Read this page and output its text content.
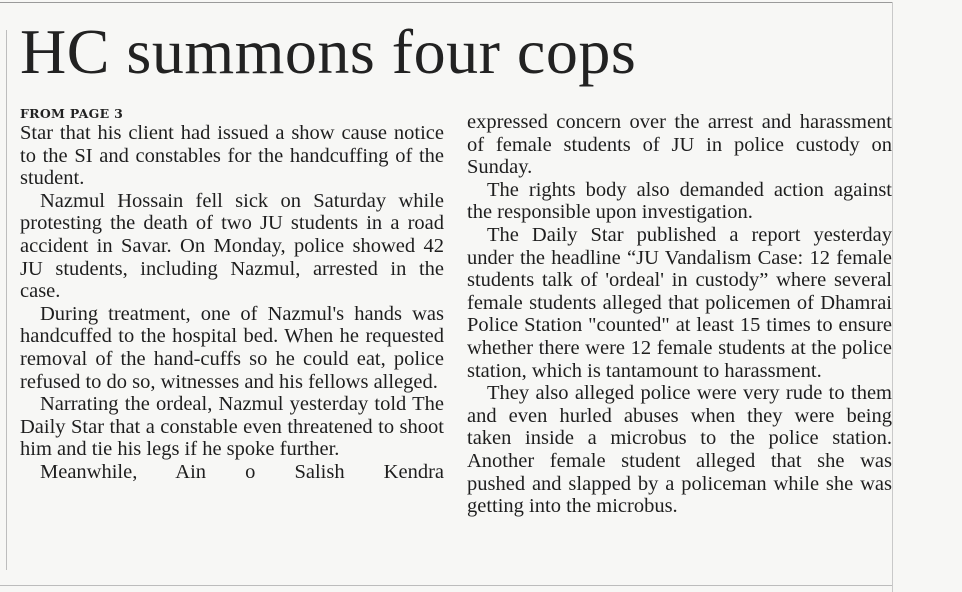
HC summons four cops
FROM PAGE 3

Star that his client had issued a show cause notice to the SI and constables for the handcuffing of the student.

Nazmul Hossain fell sick on Saturday while protesting the death of two JU students in a road accident in Savar. On Monday, police showed 42 JU students, including Nazmul, arrested in the case.

During treatment, one of Nazmul's hands was handcuffed to the hospital bed. When he requested removal of the hand-cuffs so he could eat, police refused to do so, witnesses and his fellows alleged.

Narrating the ordeal, Nazmul yesterday told The Daily Star that a constable even threatened to shoot him and tie his legs if he spoke further.

Meanwhile, Ain o Salish Kendra

expressed concern over the arrest and harassment of female students of JU in police custody on Sunday.

The rights body also demanded action against the responsible upon investigation.

The Daily Star published a report yesterday under the headline “JU Vandalism Case: 12 female students talk of 'ordeal' in custody” where several female students alleged that policemen of Dhamrai Police Station "counted" at least 15 times to ensure whether there were 12 female students at the police station, which is tantamount to harassment.

They also alleged police were very rude to them and even hurled abuses when they were being taken inside a microbus to the police station. Another female student alleged that she was pushed and slapped by a policeman while she was getting into the microbus.
